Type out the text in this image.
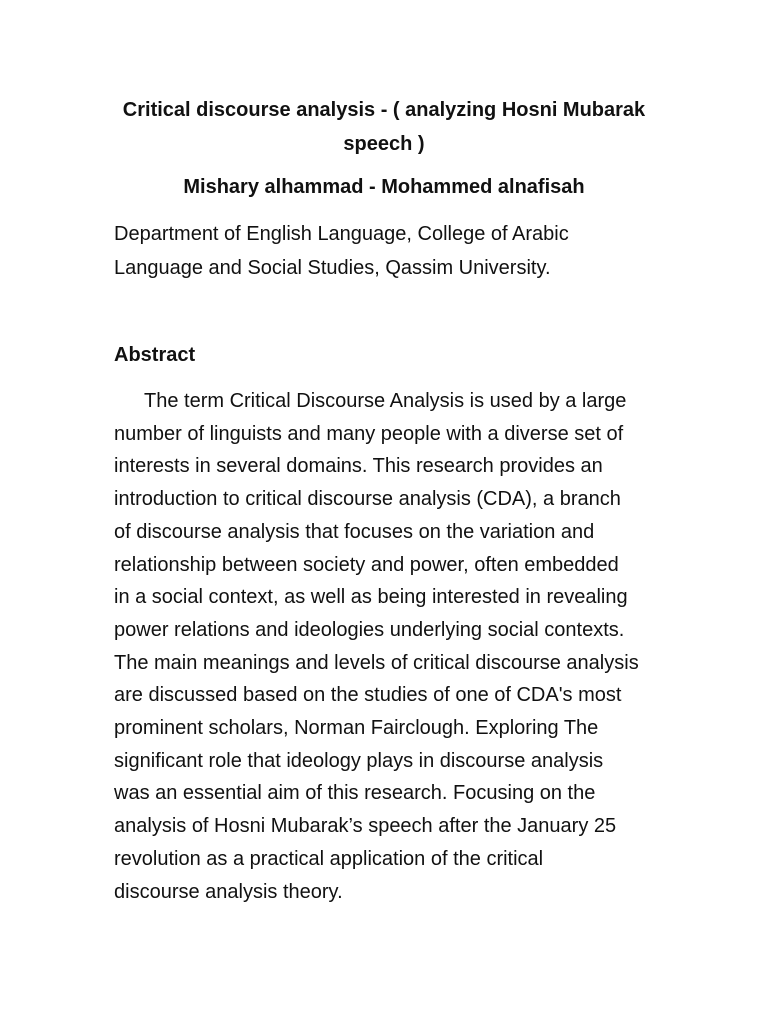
Critical discourse analysis - ( analyzing Hosni Mubarak
speech )

Mishary alhammad - Mohammed alnafisah

Department of English Language, College of Arabic
Language and Social Studies, Qassim University.

Abstract

The term Critical Discourse Analysis is used by a large
number of linguists and many people with a diverse set of
interests in several domains. This research provides an
introduction to critical discourse analysis (CDA), a branch
of discourse analysis that focuses on the variation and
relationship between society and power, often embedded
in a social context, as well as being interested in revealing
power relations and ideologies underlying social contexts.
The main meanings and levels of critical discourse analysis
are discussed based on the studies of one of CDA's most
prominent scholars, Norman Fairclough. Exploring The
significant role that ideology plays in discourse analysis
was an essential aim of this research. Focusing on the
analysis of Hosni Mubarak’s speech after the January 25
revolution as a practical application of the critical
discourse analysis theory.
